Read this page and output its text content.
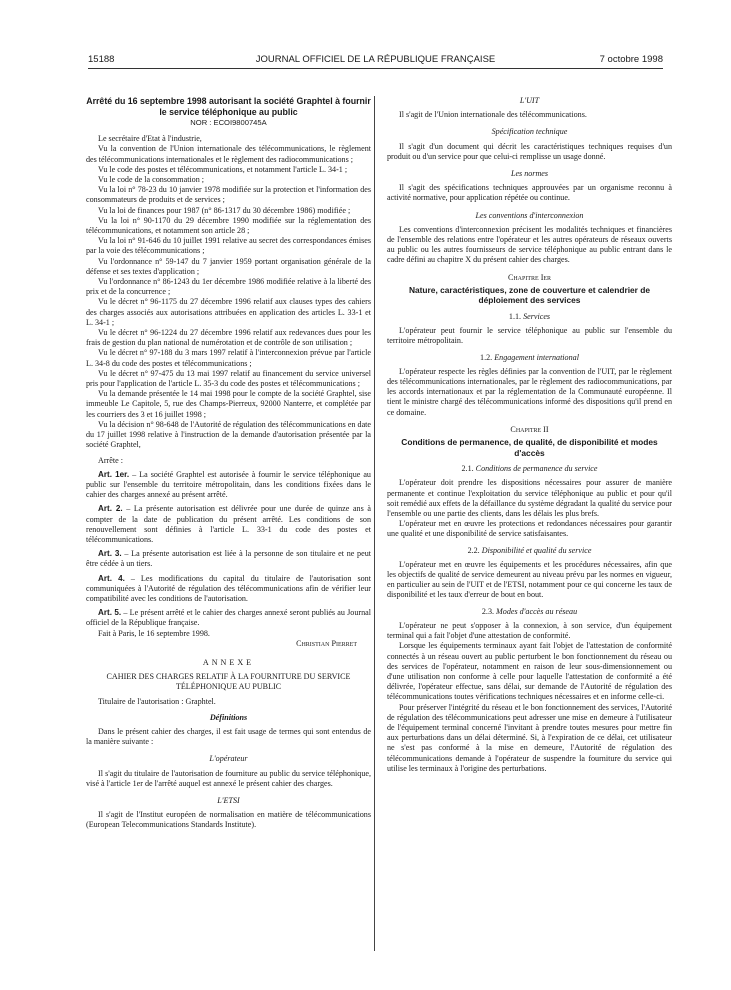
15188	JOURNAL OFFICIEL DE LA RÉPUBLIQUE FRANÇAISE	7 octobre 1998

Arrêté du 16 septembre 1998 autorisant la société Graphtel à fournir le service téléphonique au public

NOR : ECOI9800745A

Le secrétaire d'Etat à l'industrie,

Vu la convention de l'Union internationale des télécommunications, le règlement des télécommunications internationales et le règlement des radiocommunications ;

Vu le code des postes et télécommunications, et notamment l'article L. 34-1 ;

Vu le code de la consommation ;

Vu la loi n° 78-23 du 10 janvier 1978 modifiée sur la protection et l'information des consommateurs de produits et de services ;

Vu la loi de finances pour 1987 (n° 86-1317 du 30 décembre 1986) modifiée ;

Vu la loi n° 90-1170 du 29 décembre 1990 modifiée sur la réglementation des télécommunications, et notamment son article 28 ;

Vu la loi n° 91-646 du 10 juillet 1991 relative au secret des correspondances émises par la voie des télécommunications ;

Vu l'ordonnance n° 59-147 du 7 janvier 1959 portant organisation générale de la défense et ses textes d'application ;

Vu l'ordonnance n° 86-1243 du 1er décembre 1986 modifiée relative à la liberté des prix et de la concurrence ;

Vu le décret n° 96-1175 du 27 décembre 1996 relatif aux clauses types des cahiers des charges associés aux autorisations attribuées en application des articles L. 33-1 et L. 34-1 ;

Vu le décret n° 96-1224 du 27 décembre 1996 relatif aux redevances dues pour les frais de gestion du plan national de numérotation et de contrôle de son utilisation ;

Vu le décret n° 97-188 du 3 mars 1997 relatif à l'interconnexion prévue par l'article L. 34-8 du code des postes et télécommunications ;

Vu le décret n° 97-475 du 13 mai 1997 relatif au financement du service universel pris pour l'application de l'article L. 35-3 du code des postes et télécommunications ;

Vu la demande présentée le 14 mai 1998 pour le compte de la société Graphtel, sise immeuble Le Capitole, 5, rue des Champs-Pierreux, 92000 Nanterre, et complétée par les courriers des 3 et 16 juillet 1998 ;

Vu la décision n° 98-648 de l'Autorité de régulation des télécommunications en date du 17 juillet 1998 relative à l'instruction de la demande d'autorisation présentée par la société Graphtel,

Arrête :

Art. 1er. – La société Graphtel est autorisée à fournir le service téléphonique au public sur l'ensemble du territoire métropolitain, dans les conditions fixées dans le cahier des charges annexé au présent arrêté.

Art. 2. – La présente autorisation est délivrée pour une durée de quinze ans à compter de la date de publication du présent arrêté. Les conditions de son renouvellement sont définies à l'article L. 33-1 du code des postes et télécommunications.

Art. 3. – La présente autorisation est liée à la personne de son titulaire et ne peut être cédée à un tiers.

Art. 4. – Les modifications du capital du titulaire de l'autorisation sont communiquées à l'Autorité de régulation des télécommunications afin de vérifier leur compatibilité avec les conditions de l'autorisation.

Art. 5. – Le présent arrêté et le cahier des charges annexé seront publiés au Journal officiel de la République française.

Fait à Paris, le 16 septembre 1998.

Christian Pierret

ANNEXE

CAHIER DES CHARGES RELATIF À LA FOURNITURE DU SERVICE TÉLÉPHONIQUE AU PUBLIC

Titulaire de l'autorisation : Graphtel.

Définitions

Dans le présent cahier des charges, il est fait usage de termes qui sont entendus de la manière suivante :

L'opérateur

Il s'agit du titulaire de l'autorisation de fourniture au public du service téléphonique, visé à l'article 1er de l'arrêté auquel est annexé le présent cahier des charges.

L'ETSI

Il s'agit de l'Institut européen de normalisation en matière de télécommunications (European Telecommunications Standards Institute).

L'UIT

Il s'agit de l'Union internationale des télécommunications.

Spécification technique

Il s'agit d'un document qui décrit les caractéristiques techniques requises d'un produit ou d'un service pour que celui-ci remplisse un usage donné.

Les normes

Il s'agit des spécifications techniques approuvées par un organisme reconnu à activité normative, pour application répétée ou continue.

Les conventions d'interconnexion

Les conventions d'interconnexion précisent les modalités techniques et financières de l'ensemble des relations entre l'opérateur et les autres opérateurs de réseaux ouverts au public ou les autres fournisseurs de service téléphonique au public entrant dans le cadre défini au chapitre X du présent cahier des charges.

Chapitre Ier

Nature, caractéristiques, zone de couverture et calendrier de déploiement des services

1.1. Services

L'opérateur peut fournir le service téléphonique au public sur l'ensemble du territoire métropolitain.

1.2. Engagement international

L'opérateur respecte les règles définies par la convention de l'UIT, par le règlement des télécommunications internationales, par le règlement des radiocommunications, par les accords internationaux et par la réglementation de la Communauté européenne. Il tient le ministre chargé des télécommunications informé des dispositions qu'il prend en ce domaine.

Chapitre II

Conditions de permanence, de qualité, de disponibilité et modes d'accès

2.1. Conditions de permanence du service

L'opérateur doit prendre les dispositions nécessaires pour assurer de manière permanente et continue l'exploitation du service téléphonique au public et pour qu'il soit remédié aux effets de la défaillance du système dégradant la qualité du service pour l'ensemble ou une partie des clients, dans les délais les plus brefs.

L'opérateur met en œuvre les protections et redondances nécessaires pour garantir une qualité et une disponibilité de service satisfaisantes.

2.2. Disponibilité et qualité du service

L'opérateur met en œuvre les équipements et les procédures nécessaires, afin que les objectifs de qualité de service demeurent au niveau prévu par les normes en vigueur, en particulier au sein de l'UIT et de l'ETSI, notamment pour ce qui concerne les taux de disponibilité et les taux d'erreur de bout en bout.

2.3. Modes d'accès au réseau

L'opérateur ne peut s'opposer à la connexion, à son service, d'un équipement terminal qui a fait l'objet d'une attestation de conformité.

Lorsque les équipements terminaux ayant fait l'objet de l'attestation de conformité connectés à un réseau ouvert au public perturbent le bon fonctionnement du réseau ou des services de l'opérateur, notamment en raison de leur sous-dimensionnement ou d'une utilisation non conforme à celle pour laquelle l'attestation de conformité a été délivrée, l'opérateur effectue, sans délai, sur demande de l'Autorité de régulation des télécommunications toutes vérifications techniques nécessaires et en informe celle-ci.

Pour préserver l'intégrité du réseau et le bon fonctionnement des services, l'Autorité de régulation des télécommunications peut adresser une mise en demeure à l'utilisateur de l'équipement terminal concerné l'invitant à prendre toutes mesures pour mettre fin aux perturbations dans un délai déterminé. Si, à l'expiration de ce délai, cet utilisateur ne s'est pas conformé à la mise en demeure, l'Autorité de régulation des télécommunications demande à l'opérateur de suspendre la fourniture du service qui utilise les terminaux à l'origine des perturbations.
